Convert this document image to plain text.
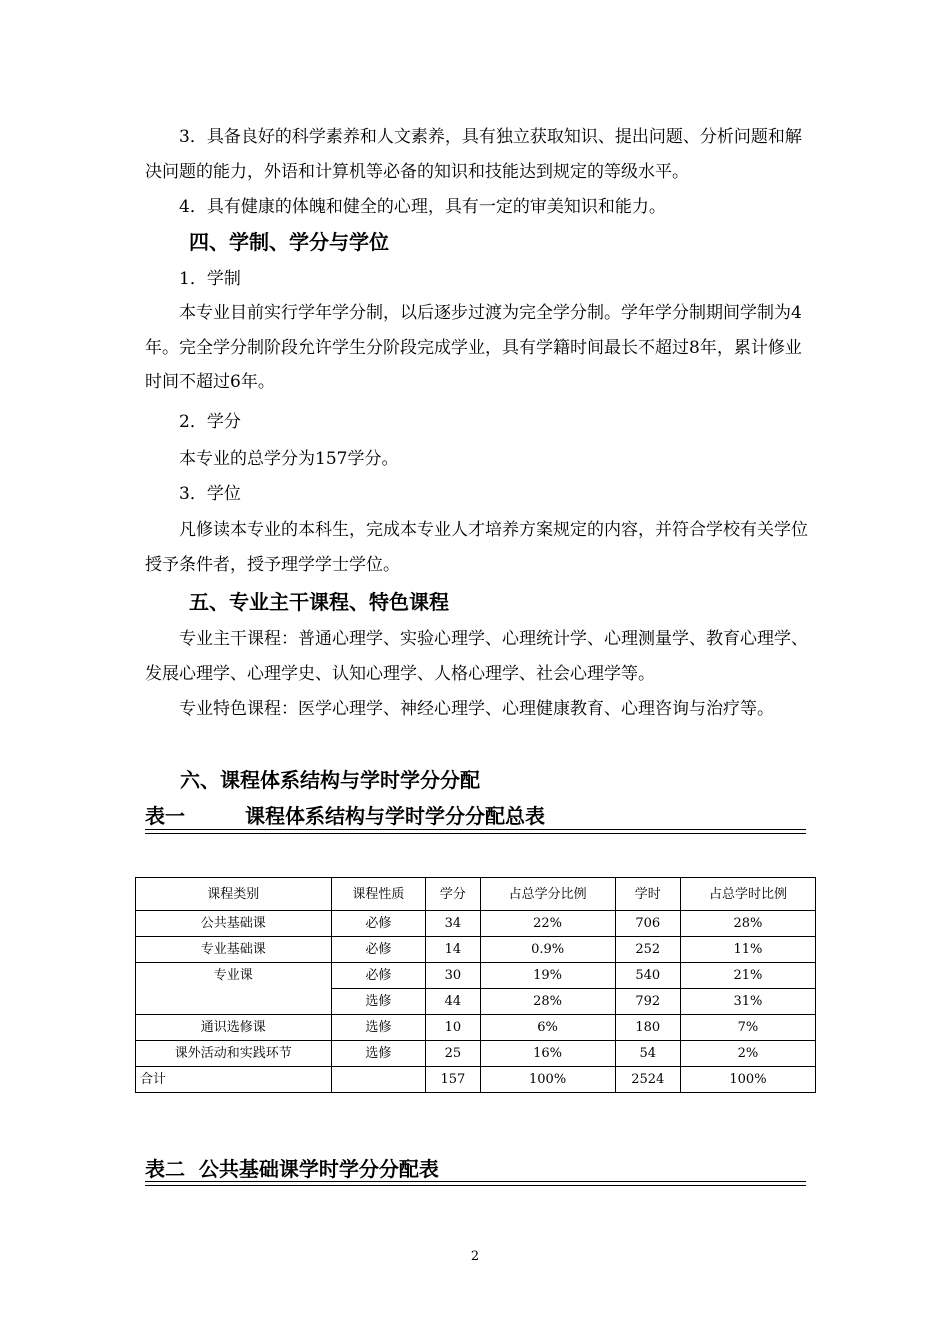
3．具备良好的科学素养和人文素养，具有独立获取知识、提出问题、分析问题和解决问题的能力，外语和计算机等必备的知识和技能达到规定的等级水平。
4．具有健康的体魄和健全的心理，具有一定的审美知识和能力。
四、学制、学分与学位
1．学制
本专业目前实行学年学分制，以后逐步过渡为完全学分制。学年学分制期间学制为4年。完全学分制阶段允许学生分阶段完成学业，具有学籍时间最长不超过8年，累计修业时间不超过6年。
2．学分
本专业的总学分为157学分。
3．学位
凡修读本专业的本科生，完成本专业人才培养方案规定的内容，并符合学校有关学位授予条件者，授予理学学士学位。
五、专业主干课程、特色课程
专业主干课程：普通心理学、实验心理学、心理统计学、心理测量学、教育心理学、发展心理学、心理学史、认知心理学、人格心理学、社会心理学等。
专业特色课程：医学心理学、神经心理学、心理健康教育、心理咨询与治疗等。
六、课程体系结构与学时学分分配
表一	课程体系结构与学时学分分配总表
课程类别	课程性质	学分	占总学分比例	学时	占总学时比例
公共基础课	必修	34	22%	706	28%
专业基础课	必修	14	0.9%	252	11%
专业课	必修	30	19%	540	21%
	选修	44	28%	792	31%
通识选修课	选修	10	6%	180	7%
课外活动和实践环节	选修	25	16%	54	2%
合计		157	100%	2524	100%
表二  公共基础课学时学分分配表
2
